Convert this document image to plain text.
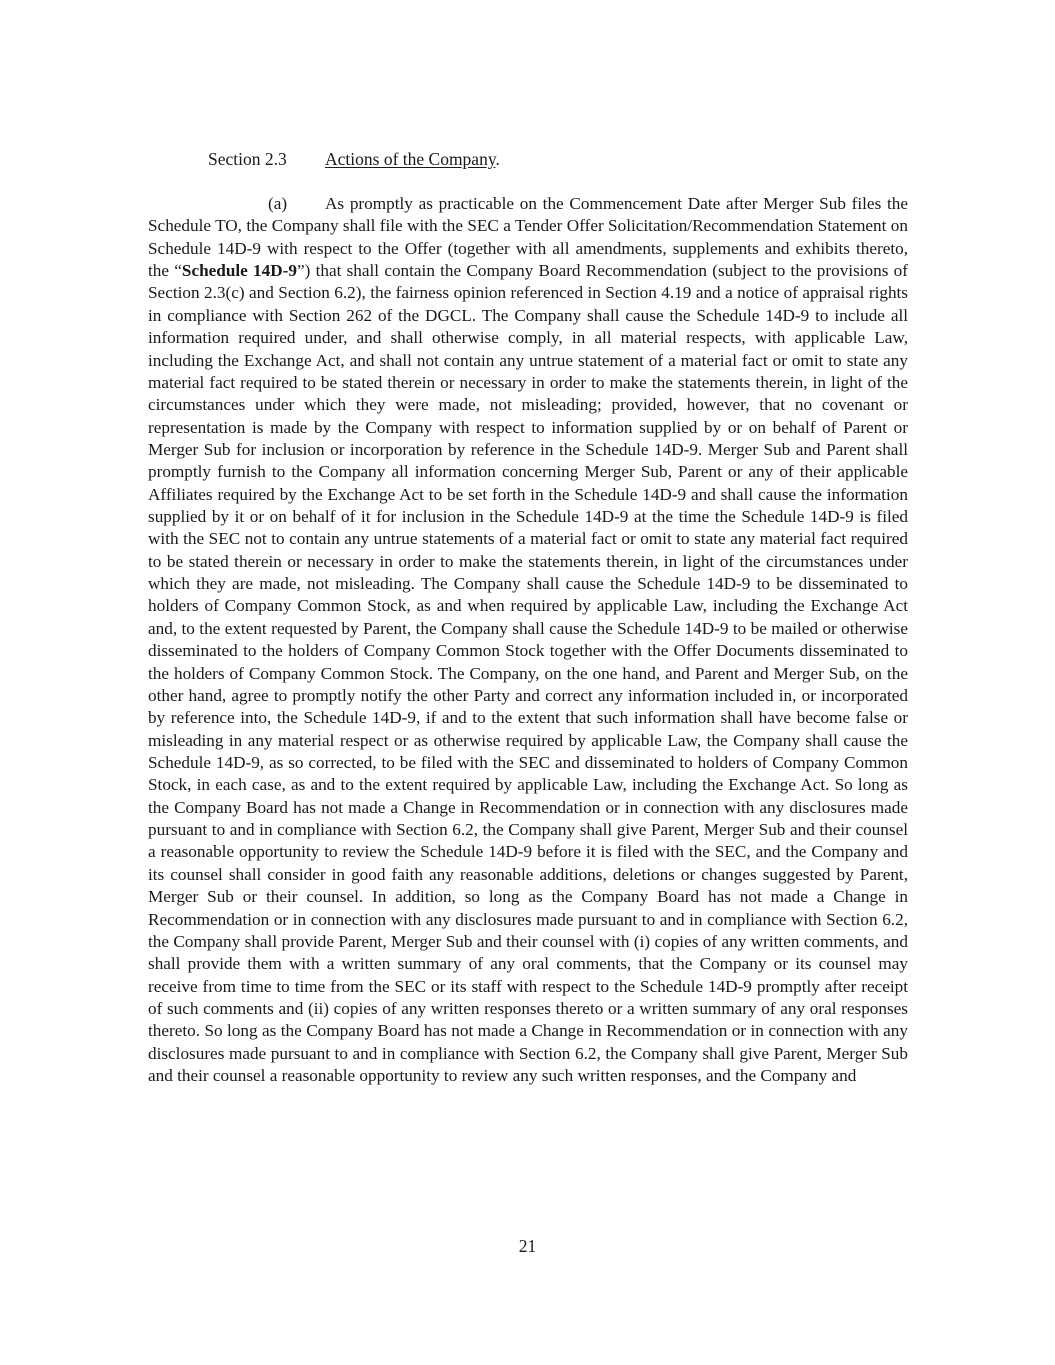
Section 2.3 Actions of the Company.

(a) As promptly as practicable on the Commencement Date after Merger Sub files the Schedule TO, the Company shall file with the SEC a Tender Offer Solicitation/Recommendation Statement on Schedule 14D-9 with respect to the Offer (together with all amendments, supplements and exhibits thereto, the “Schedule 14D-9”) that shall contain the Company Board Recommendation (subject to the provisions of Section 2.3(c) and Section 6.2), the fairness opinion referenced in Section 4.19 and a notice of appraisal rights in compliance with Section 262 of the DGCL. The Company shall cause the Schedule 14D-9 to include all information required under, and shall otherwise comply, in all material respects, with applicable Law, including the Exchange Act, and shall not contain any untrue statement of a material fact or omit to state any material fact required to be stated therein or necessary in order to make the statements therein, in light of the circumstances under which they were made, not misleading; provided, however, that no covenant or representation is made by the Company with respect to information supplied by or on behalf of Parent or Merger Sub for inclusion or incorporation by reference in the Schedule 14D-9. Merger Sub and Parent shall promptly furnish to the Company all information concerning Merger Sub, Parent or any of their applicable Affiliates required by the Exchange Act to be set forth in the Schedule 14D-9 and shall cause the information supplied by it or on behalf of it for inclusion in the Schedule 14D-9 at the time the Schedule 14D-9 is filed with the SEC not to contain any untrue statements of a material fact or omit to state any material fact required to be stated therein or necessary in order to make the statements therein, in light of the circumstances under which they are made, not misleading. The Company shall cause the Schedule 14D-9 to be disseminated to holders of Company Common Stock, as and when required by applicable Law, including the Exchange Act and, to the extent requested by Parent, the Company shall cause the Schedule 14D-9 to be mailed or otherwise disseminated to the holders of Company Common Stock together with the Offer Documents disseminated to the holders of Company Common Stock. The Company, on the one hand, and Parent and Merger Sub, on the other hand, agree to promptly notify the other Party and correct any information included in, or incorporated by reference into, the Schedule 14D-9, if and to the extent that such information shall have become false or misleading in any material respect or as otherwise required by applicable Law, the Company shall cause the Schedule 14D-9, as so corrected, to be filed with the SEC and disseminated to holders of Company Common Stock, in each case, as and to the extent required by applicable Law, including the Exchange Act. So long as the Company Board has not made a Change in Recommendation or in connection with any disclosures made pursuant to and in compliance with Section 6.2, the Company shall give Parent, Merger Sub and their counsel a reasonable opportunity to review the Schedule 14D-9 before it is filed with the SEC, and the Company and its counsel shall consider in good faith any reasonable additions, deletions or changes suggested by Parent, Merger Sub or their counsel. In addition, so long as the Company Board has not made a Change in Recommendation or in connection with any disclosures made pursuant to and in compliance with Section 6.2, the Company shall provide Parent, Merger Sub and their counsel with (i) copies of any written comments, and shall provide them with a written summary of any oral comments, that the Company or its counsel may receive from time to time from the SEC or its staff with respect to the Schedule 14D-9 promptly after receipt of such comments and (ii) copies of any written responses thereto or a written summary of any oral responses thereto. So long as the Company Board has not made a Change in Recommendation or in connection with any disclosures made pursuant to and in compliance with Section 6.2, the Company shall give Parent, Merger Sub and their counsel a reasonable opportunity to review any such written responses, and the Company and

21
